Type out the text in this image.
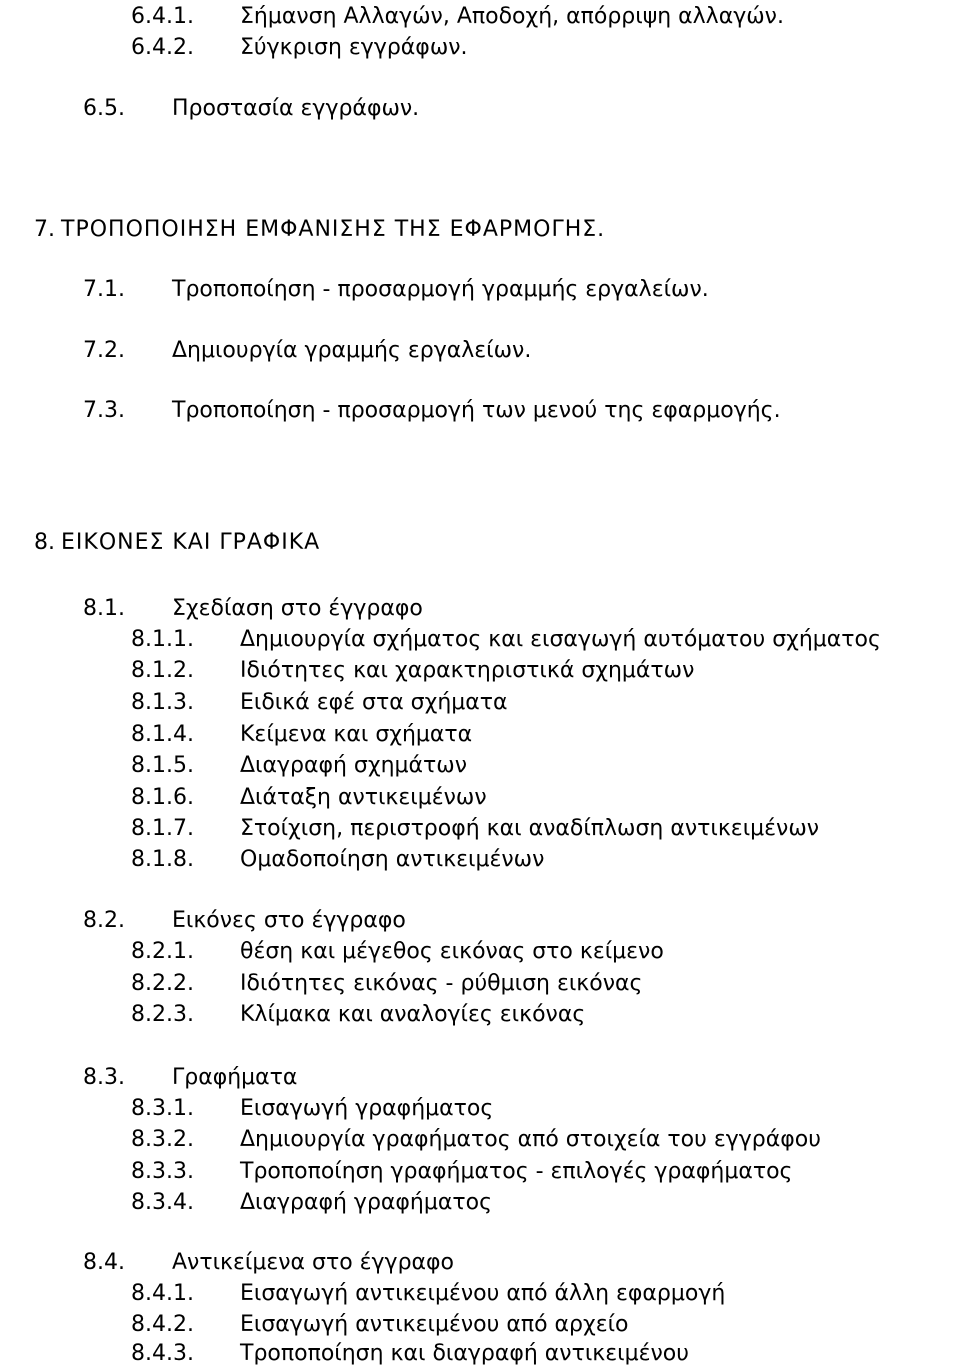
6.4.1. Σήμανση Αλλαγών, Αποδοχή, απόρριψη αλλαγών.
6.4.2. Σύγκριση εγγράφων.
6.5. Προστασία εγγράφων.
7. ΤΡΟΠΟΠΟΙΗΣΗ ΕΜΦΑΝΙΣΗΣ ΤΗΣ ΕΦΑΡΜΟΓΗΣ.
7.1. Τροποποίηση - προσαρμογή γραμμής εργαλείων.
7.2. Δημιουργία γραμμής εργαλείων.
7.3. Τροποποίηση - προσαρμογή των μενού της εφαρμογής.
8. ΕΙΚΟΝΕΣ ΚΑΙ ΓΡΑΦΙΚΑ
8.1. Σχεδίαση στο έγγραφο
8.1.1. Δημιουργία σχήματος και εισαγωγή αυτόματου σχήματος
8.1.2. Ιδιότητες και χαρακτηριστικά σχημάτων
8.1.3. Ειδικά εφέ στα σχήματα
8.1.4. Κείμενα και σχήματα
8.1.5. Διαγραφή σχημάτων
8.1.6. Διάταξη αντικειμένων
8.1.7. Στοίχιση, περιστροφή και αναδίπλωση αντικειμένων
8.1.8. Ομαδοποίηση αντικειμένων
8.2. Εικόνες στο έγγραφο
8.2.1. θέση και μέγεθος εικόνας στο κείμενο
8.2.2. Ιδιότητες εικόνας - ρύθμιση εικόνας
8.2.3. Κλίμακα και αναλογίες εικόνας
8.3. Γραφήματα
8.3.1. Εισαγωγή γραφήματος
8.3.2. Δημιουργία γραφήματος από στοιχεία του εγγράφου
8.3.3. Τροποποίηση γραφήματος - επιλογές γραφήματος
8.3.4. Διαγραφή γραφήματος
8.4. Αντικείμενα στο έγγραφο
8.4.1. Εισαγωγή αντικειμένου από άλλη εφαρμογή
8.4.2. Εισαγωγή αντικειμένου από αρχείο
8.4.3. Τροποποίηση και διαγραφή αντικειμένου
